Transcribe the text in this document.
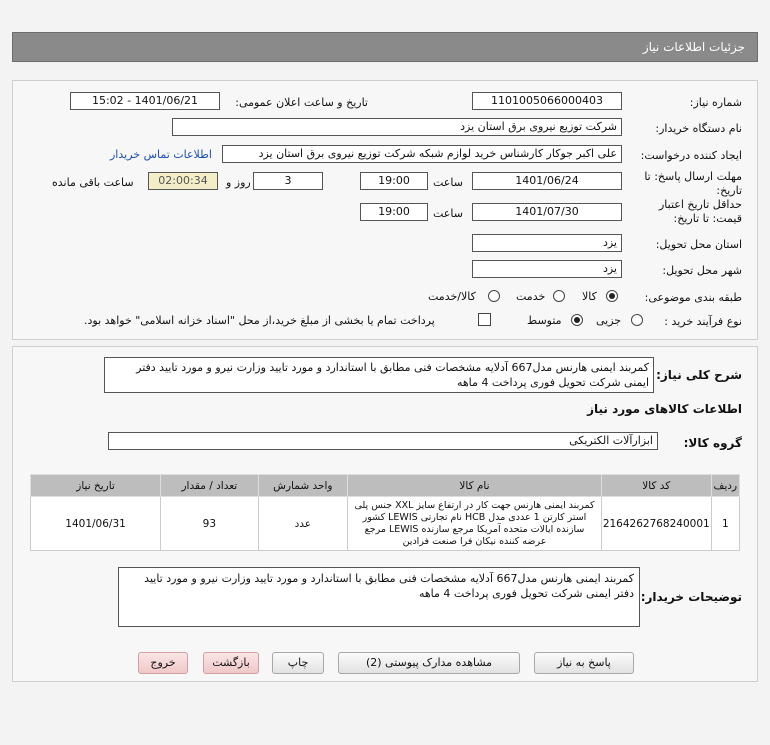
جزئیات اطلاعات نیاز
شماره نیاز:
1101005066000403
تاریخ و ساعت اعلان عمومی:
1401/06/21 - 15:02
نام دستگاه خریدار:
شرکت توزیع نیروی برق استان یزد
ایجاد کننده درخواست:
علی اکبر جوکار کارشناس خرید لوازم شبکه شرکت توزیع نیروی برق استان یزد
اطلاعات تماس خریدار
مهلت ارسال پاسخ: تا تاریخ:
1401/06/24
ساعت
19:00
3
روز و
02:00:34
ساعت باقی مانده
حداقل تاریخ اعتبار قیمت: تا تاریخ:
1401/07/30
ساعت
19:00
استان محل تحویل:
یزد
شهر محل تحویل:
یزد
طبقه بندی موضوعی:
کالا
خدمت
کالا/خدمت
نوع فرآیند خرید :
جزیی
متوسط
پرداخت تمام یا بخشی از مبلغ خرید،از محل "اسناد خزانه اسلامی" خواهد بود.
شرح کلی نیاز:
کمربند ایمنی هارنس مدل667 آدلایه مشخصات فنی مطابق با استاندارد و مورد تایید وزارت نیرو و مورد تایید دفتر ایمنی شرکت تحویل فوری پرداخت 4 ماهه
اطلاعات کالاهای مورد نیاز
گروه کالا:
ابزارآلات الکتریکی
ردیف	کد کالا	نام کالا	واحد شمارش	تعداد / مقدار	تاریخ نیاز
1	2164262768240001	کمربند ایمنی هارنس جهت کار در ارتفاع سایز XXL جنس پلی استر کارتن 1 عددی مدل HCB نام تجارتی LEWIS کشور سازنده ایالات متحده آمریکا مرجع سازنده LEWIS مرجع عرضه کننده نیکان فرا صنعت فرادین	عدد	93	1401/06/31
توضیحات خریدار:
کمربند ایمنی هارنس مدل667 آدلایه مشخصات فنی مطابق با استاندارد و مورد تایید وزارت نیرو و مورد تایید دفتر ایمنی شرکت تحویل فوری پرداخت 4 ماهه
پاسخ به نیاز
مشاهده مدارک پیوستی (2)
چاپ
بازگشت
خروج
